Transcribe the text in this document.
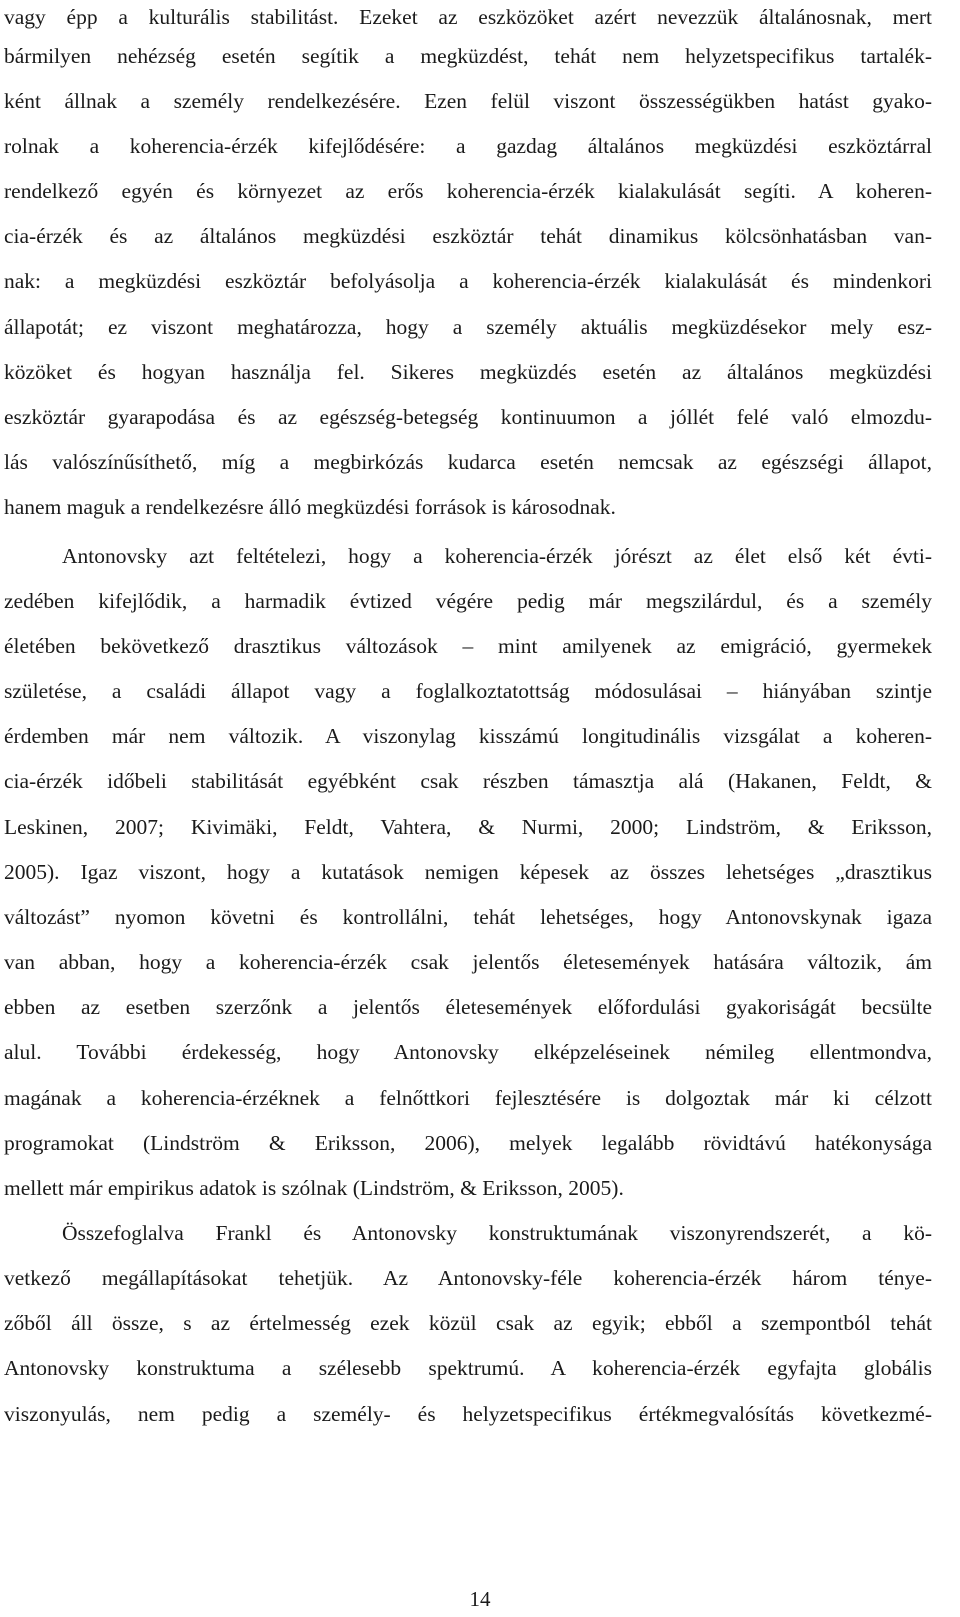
vagy épp a kulturális stabilitást. Ezeket az eszközöket azért nevezzük általánosnak, mert
bármilyen nehézség esetén segítik a megküzdést, tehát nem helyzetspecifikus tartalék-
ként állnak a személy rendelkezésére. Ezen felül viszont összességükben hatást gyako-
rolnak a koherencia-érzék kifejlődésére: a gazdag általános megküzdési eszköztárral
rendelkező egyén és környezet az erős koherencia-érzék kialakulását segíti. A koheren-
cia-érzék és az általános megküzdési eszköztár tehát dinamikus kölcsönhatásban van-
nak: a megküzdési eszköztár befolyásolja a koherencia-érzék kialakulását és mindenkori
állapotát; ez viszont meghatározza, hogy a személy aktuális megküzdésekor mely esz-
közöket és hogyan használja fel. Sikeres megküzdés esetén az általános megküzdési
eszköztár gyarapodása és az egészség-betegség kontinuumon a jóllét felé való elmozdu-
lás valószínűsíthető, míg a megbirkózás kudarca esetén nemcsak az egészségi állapot,
hanem maguk a rendelkezésre álló megküzdési források is károsodnak.
Antonovsky azt feltételezi, hogy a koherencia-érzék jórészt az élet első két évti-
zedében kifejlődik, a harmadik évtized végére pedig már megszilárdul, és a személy
életében bekövetkező drasztikus változások – mint amilyenek az emigráció, gyermekek
születése, a családi állapot vagy a foglalkoztatottság módosulásai – hiányában szintje
érdemben már nem változik. A viszonylag kisszámú longitudinális vizsgálat a koheren-
cia-érzék időbeli stabilitását egyébként csak részben támasztja alá (Hakanen, Feldt, &
Leskinen, 2007; Kivimäki, Feldt, Vahtera, & Nurmi, 2000; Lindström, & Eriksson,
2005). Igaz viszont, hogy a kutatások nemigen képesek az összes lehetséges „drasztikus
változást” nyomon követni és kontrollálni, tehát lehetséges, hogy Antonovskynak igaza
van abban, hogy a koherencia-érzék csak jelentős életesemények hatására változik, ám
ebben az esetben szerzőnk a jelentős életesemények előfordulási gyakoriságát becsülte
alul. További érdekesség, hogy Antonovsky elképzeléseinek némileg ellentmondva,
magának a koherencia-érzéknek a felnőttkori fejlesztésére is dolgoztak már ki célzott
programokat (Lindström & Eriksson, 2006), melyek legalább rövidtávú hatékonysága
mellett már empirikus adatok is szólnak (Lindström, & Eriksson, 2005).
Összefoglalva Frankl és Antonovsky konstruktumának viszonyrendszerét, a kö-
vetkező megállapításokat tehetjük. Az Antonovsky-féle koherencia-érzék három ténye-
zőből áll össze, s az értelmesség ezek közül csak az egyik; ebből a szempontból tehát
Antonovsky konstruktuma a szélesebb spektrumú. A koherencia-érzék egyfajta globális
viszonyulás, nem pedig a személy- és helyzetspecifikus értékmegvalósítás következmé-
14
